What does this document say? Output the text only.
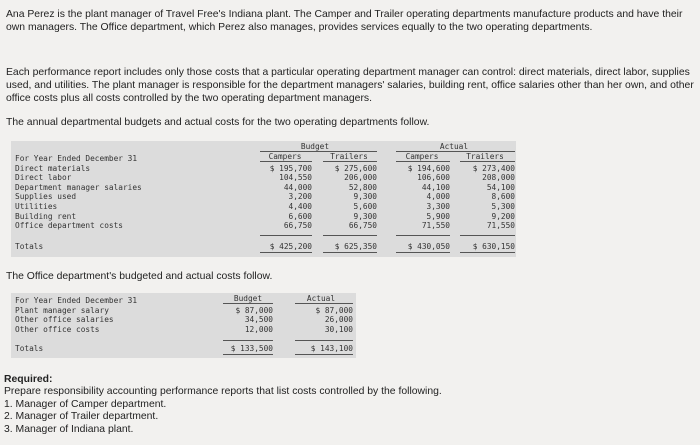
Ana Perez is the plant manager of Travel Free's Indiana plant. The Camper and Trailer operating departments manufacture products and have their own managers. The Office department, which Perez also manages, provides services equally to the two operating departments.
Each performance report includes only those costs that a particular operating department manager can control: direct materials, direct labor, supplies used, and utilities. The plant manager is responsible for the department managers' salaries, building rent, office salaries other than her own, and other office costs plus all costs controlled by the two operating department managers.
The annual departmental budgets and actual costs for the two operating departments follow.
Budget	Actual
Campers	Trailers	Campers	Trailers
For Year Ended December 31
Direct materials	$ 195,700	$ 275,600	$ 194,600	$ 273,400
Direct labor	104,550	206,000	106,600	208,000
Department manager salaries	44,000	52,800	44,100	54,100
Supplies used	3,200	9,300	4,000	8,600
Utilities	4,400	5,600	3,300	5,300
Building rent	6,600	9,300	5,900	9,200
Office department costs	66,750	66,750	71,550	71,550
Totals	$ 425,200	$ 625,350	$ 430,050	$ 630,150
The Office department's budgeted and actual costs follow.
Budget	Actual
For Year Ended December 31
Plant manager salary	$ 87,000	$ 87,000
Other office salaries	34,500	26,000
Other office costs	12,000	30,100
Totals	$ 133,500	$ 143,100
Required:
Prepare responsibility accounting performance reports that list costs controlled by the following.
1. Manager of Camper department.
2. Manager of Trailer department.
3. Manager of Indiana plant.
